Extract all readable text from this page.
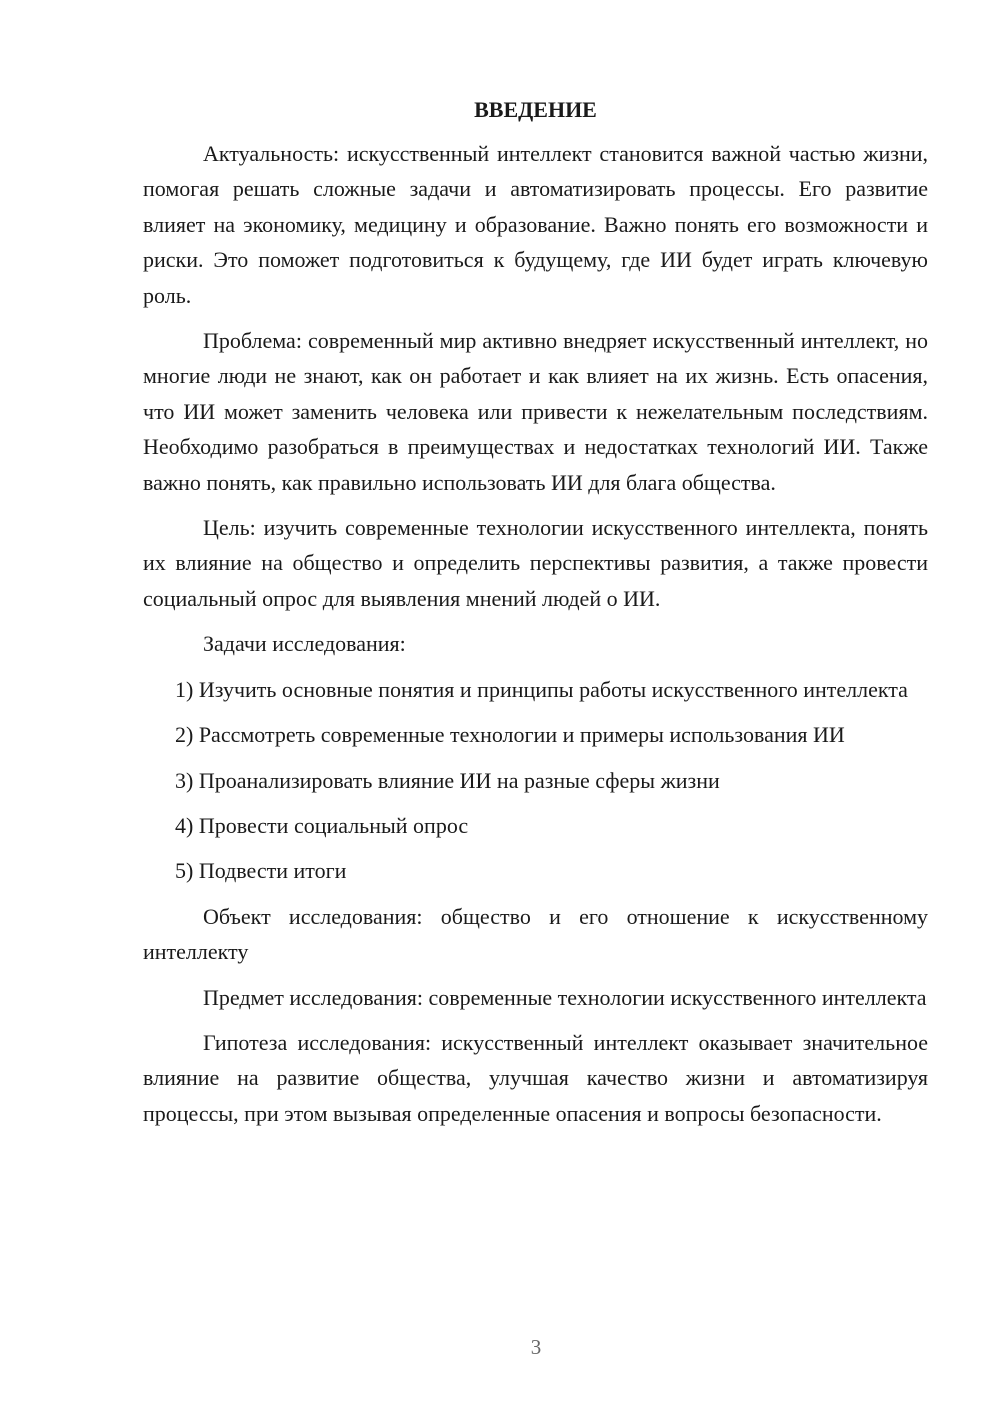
ВВЕДЕНИЕ

Актуальность: искусственный интеллект становится важной частью жизни, помогая решать сложные задачи и автоматизировать процессы. Его развитие влияет на экономику, медицину и образование. Важно понять его возможности и риски. Это поможет подготовиться к будущему, где ИИ будет играть ключевую роль.

Проблема: современный мир активно внедряет искусственный интеллект, но многие люди не знают, как он работает и как влияет на их жизнь. Есть опасения, что ИИ может заменить человека или привести к нежелательным последствиям. Необходимо разобраться в преимуществах и недостатках технологий ИИ. Также важно понять, как правильно использовать ИИ для блага общества.

Цель: изучить современные технологии искусственного интеллекта, понять их влияние на общество и определить перспективы развития, а также провести социальный опрос для выявления мнений людей о ИИ.

Задачи исследования:

1) Изучить основные понятия и принципы работы искусственного интеллекта

2) Рассмотреть современные технологии и примеры использования ИИ

3) Проанализировать влияние ИИ на разные сферы жизни

4) Провести социальный опрос

5) Подвести итоги

Объект исследования: общество и его отношение к искусственному интеллекту

Предмет исследования: современные технологии искусственного интеллекта

Гипотеза исследования: искусственный интеллект оказывает значительное влияние на развитие общества, улучшая качество жизни и автоматизируя процессы, при этом вызывая определенные опасения и вопросы безопасности.

3
